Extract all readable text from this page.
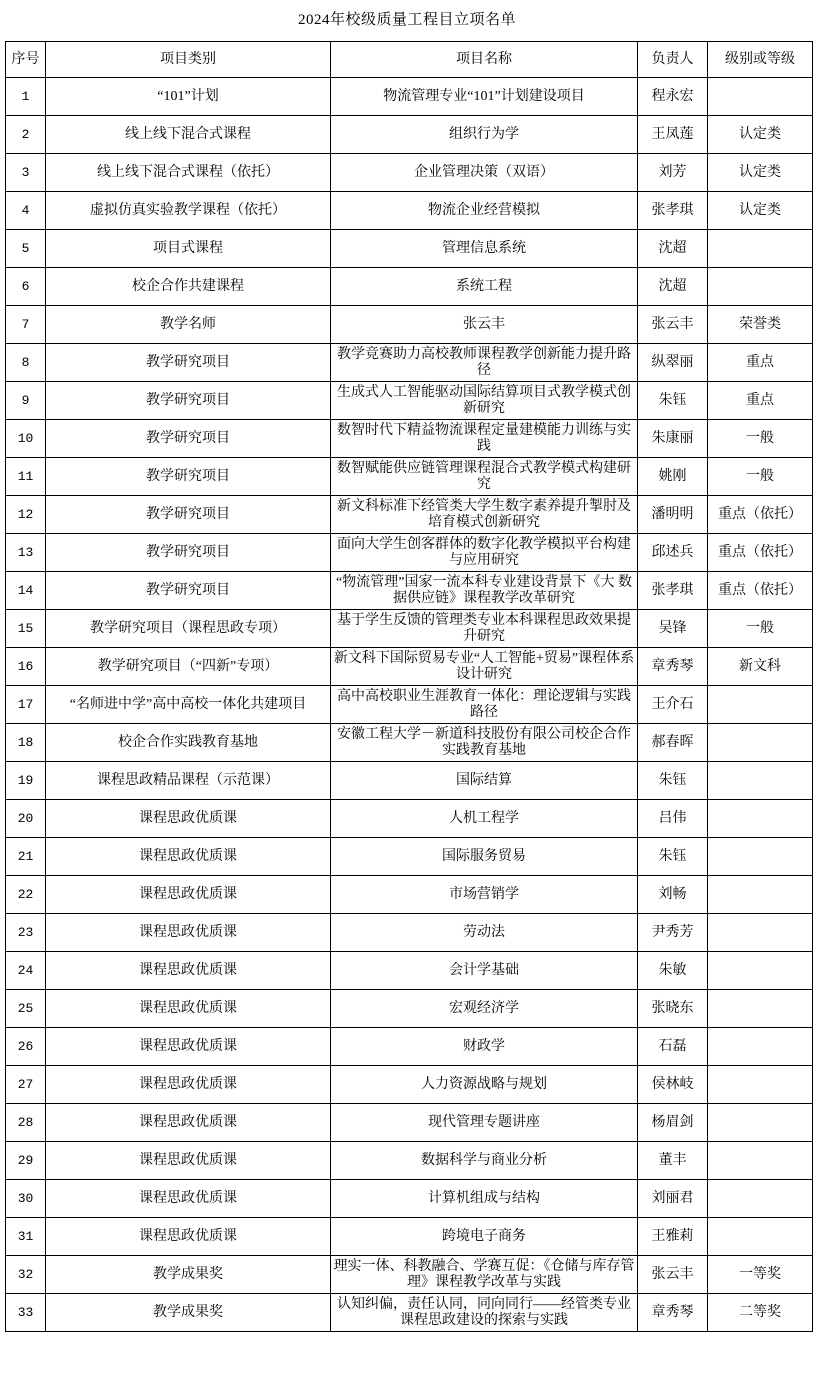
2024年校级质量工程目立项名单
序号	项目类别	项目名称	负责人	级别或等级
1	“101”计划	物流管理专业“101”计划建设项目	程永宏	
2	线上线下混合式课程	组织行为学	王凤莲	认定类
3	线上线下混合式课程（依托）	企业管理决策（双语）	刘芳	认定类
4	虚拟仿真实验教学课程（依托）	物流企业经营模拟	张孝琪	认定类
5	项目式课程	管理信息系统	沈超	
6	校企合作共建课程	系统工程	沈超	
7	教学名师	张云丰	张云丰	荣誉类
8	教学研究项目	教学竞赛助力高校教师课程教学创新能力提升路径	纵翠丽	重点
9	教学研究项目	生成式人工智能驱动国际结算项目式教学模式创新研究	朱钰	重点
10	教学研究项目	数智时代下精益物流课程定量建模能力训练与实践	朱康丽	一般
11	教学研究项目	数智赋能供应链管理课程混合式教学模式构建研究	姚刚	一般
12	教学研究项目	新文科标准下经管类大学生数字素养提升掣肘及培育模式创新研究	潘明明	重点（依托）
13	教学研究项目	面向大学生创客群体的数字化教学模拟平台构建与应用研究	邱述兵	重点（依托）
14	教学研究项目	“物流管理”国家一流本科专业建设背景下《大 数据供应链》课程教学改革研究	张孝琪	重点（依托）
15	教学研究项目（课程思政专项）	基于学生反馈的管理类专业本科课程思政效果提升研究	吴锋	一般
16	教学研究项目（“四新”专项）	新文科下国际贸易专业“人工智能+贸易”课程体系设计研究	章秀琴	新文科
17	“名师进中学”高中高校一体化共建项目	高中高校职业生涯教育一体化：理论逻辑与实践路径	王介石	
18	校企合作实践教育基地	安徽工程大学－新道科技股份有限公司校企合作实践教育基地	郝春晖	
19	课程思政精品课程（示范课）	国际结算	朱钰	
20	课程思政优质课	人机工程学	吕伟	
21	课程思政优质课	国际服务贸易	朱钰	
22	课程思政优质课	市场营销学	刘畅	
23	课程思政优质课	劳动法	尹秀芳	
24	课程思政优质课	会计学基础	朱敏	
25	课程思政优质课	宏观经济学	张晓东	
26	课程思政优质课	财政学	石磊	
27	课程思政优质课	人力资源战略与规划	侯林岐	
28	课程思政优质课	现代管理专题讲座	杨眉剑	
29	课程思政优质课	数据科学与商业分析	董丰	
30	课程思政优质课	计算机组成与结构	刘丽君	
31	课程思政优质课	跨境电子商务	王雅莉	
32	教学成果奖	理实一体、科教融合、学赛互促：《仓储与库存管理》课程教学改革与实践	张云丰	一等奖
33	教学成果奖	认知纠偏，责任认同，同向同行——经管类专业课程思政建设的探索与实践	章秀琴	二等奖
